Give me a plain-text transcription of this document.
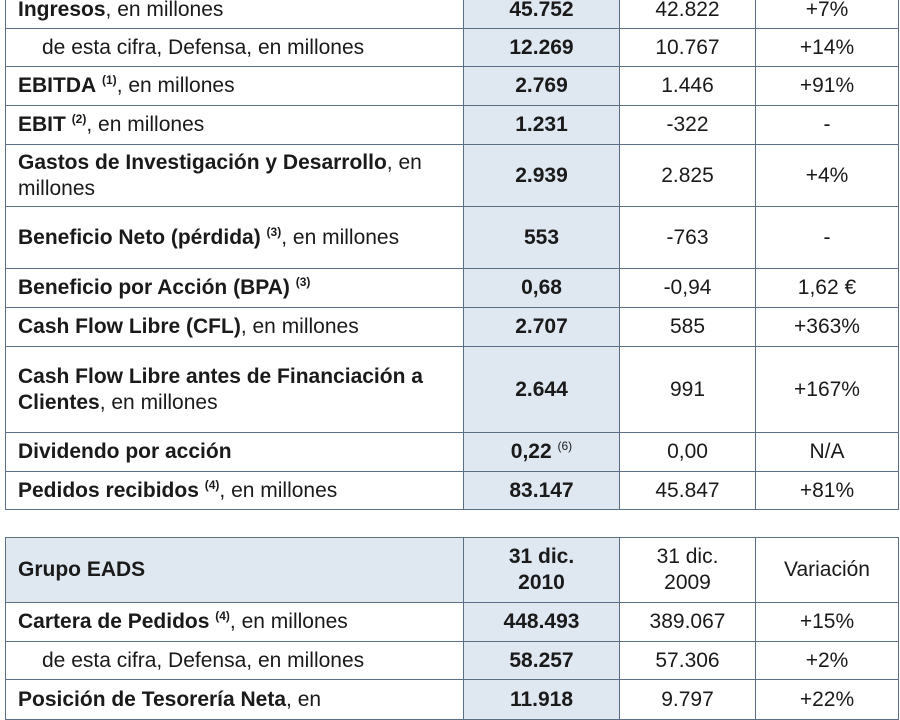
Ingresos, en millones	45.752	42.822	+7%
de esta cifra, Defensa, en millones	12.269	10.767	+14%
EBITDA $^{(1)}$, en millones	2.769	1.446	+91%
EBIT $^{(2)}$, en millones	1.231	-322	-
Gastos de Investigación y Desarrollo, en millones	2.939	2.825	+4%
Beneficio Neto (pérdida) $^{(3)}$, en millones	553	-763	-
Beneficio por Acción (BPA) $^{(3)}$	0,68	-0,94	1,62 €
Cash Flow Libre (CFL), en millones	2.707	585	+363%
Cash Flow Libre antes de Financiación a Clientes, en millones	2.644	991	+167%
Dividendo por acción	0,22 $^{(6)}$	0,00	N/A
Pedidos recibidos $^{(4)}$, en millones	83.147	45.847	+81%
Grupo EADS	31 dic. 2010	31 dic. 2009	Variación
Cartera de Pedidos $^{(4)}$, en millones	448.493	389.067	+15%
de esta cifra, Defensa, en millones	58.257	57.306	+2%
Posición de Tesorería Neta, en	11.918	9.797	+22%
